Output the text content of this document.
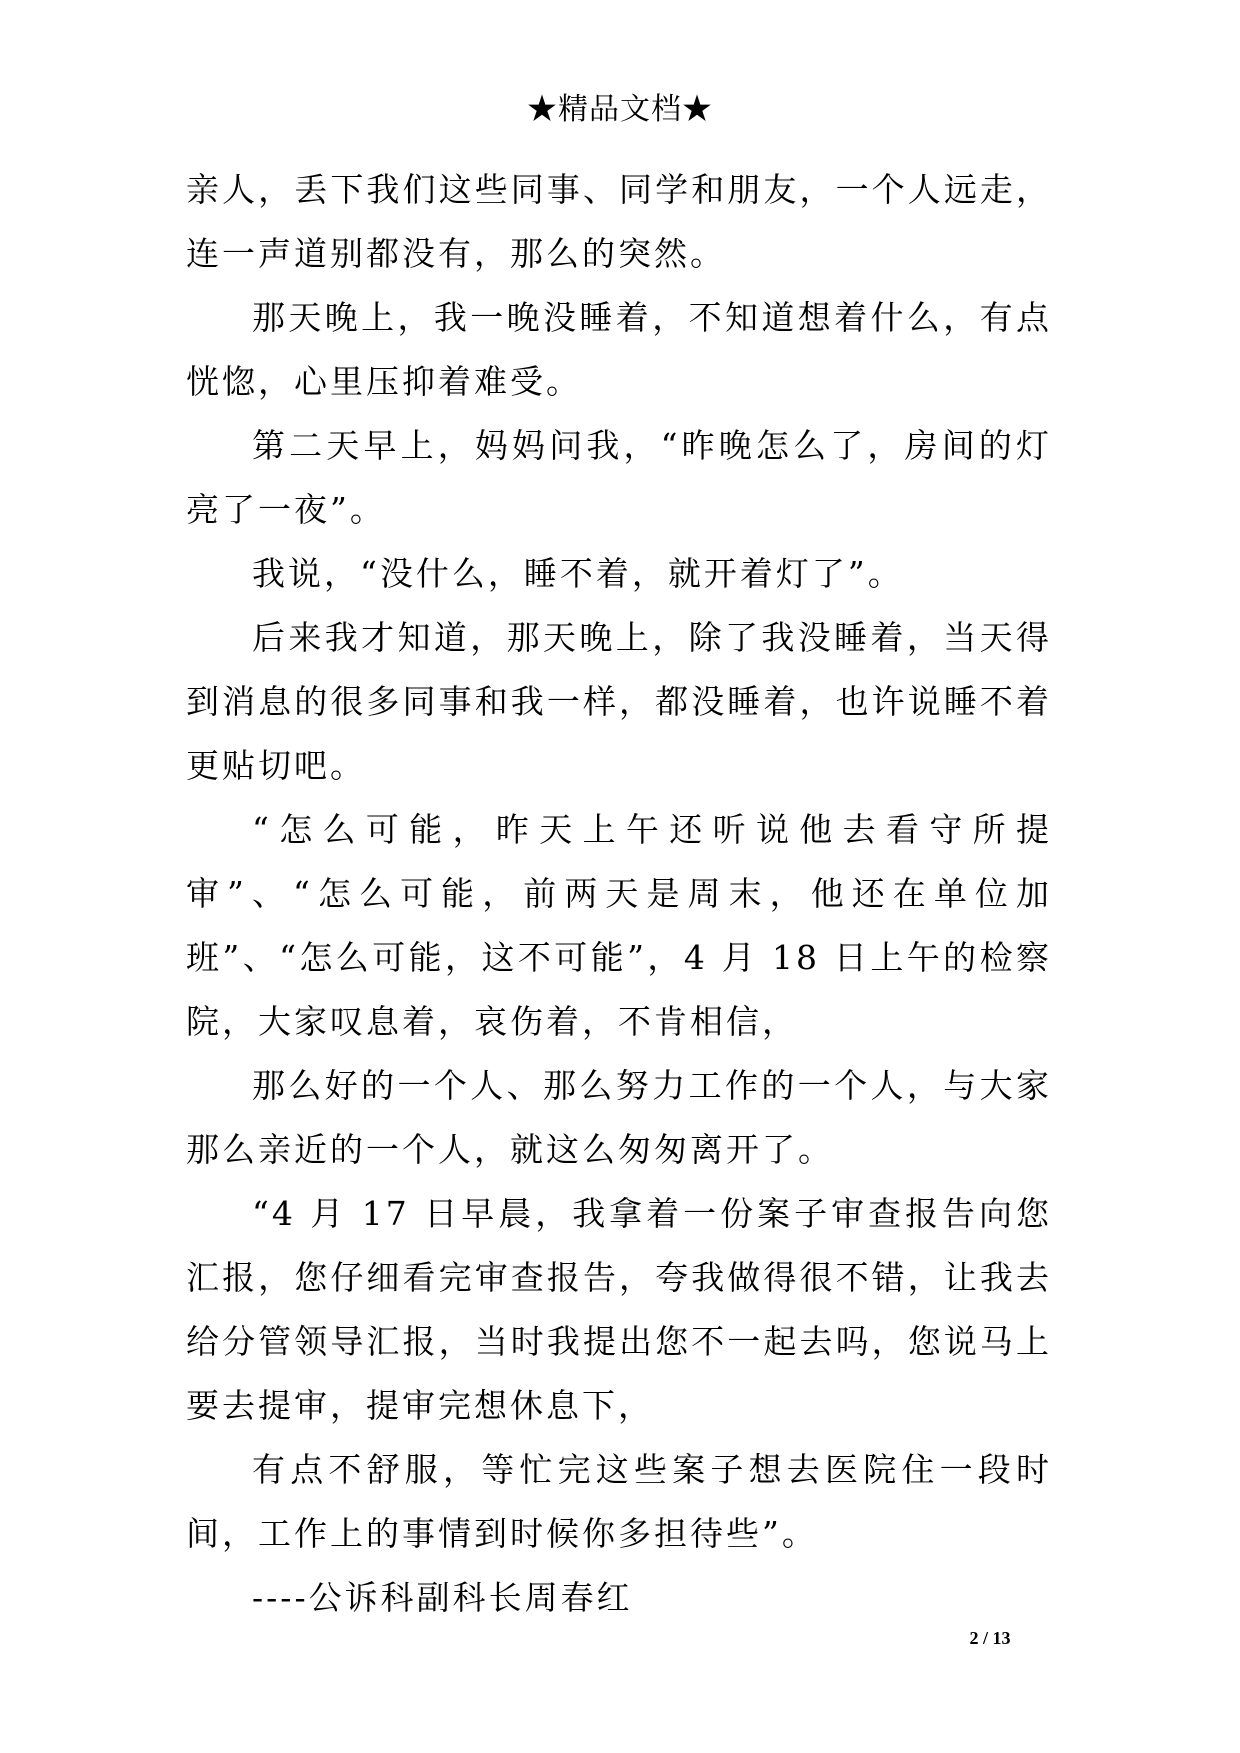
★精品文档★

亲人，丢下我们这些同事、同学和朋友，一个人远走，连一声道别都没有，那么的突然。

那天晚上，我一晚没睡着，不知道想着什么，有点恍惚，心里压抑着难受。

第二天早上，妈妈问我，“昨晚怎么了，房间的灯亮了一夜”。

我说，“没什么，睡不着，就开着灯了”。

后来我才知道，那天晚上，除了我没睡着，当天得到消息的很多同事和我一样，都没睡着，也许说睡不着更贴切吧。

“怎么可能，昨天上午还听说他去看守所提审”、“怎么可能，前两天是周末，他还在单位加班”、“怎么可能，这不可能”，4 月 18 日上午的检察院，大家叹息着，哀伤着，不肯相信，

那么好的一个人、那么努力工作的一个人，与大家那么亲近的一个人，就这么匆匆离开了。

“4 月 17 日早晨，我拿着一份案子审查报告向您汇报，您仔细看完审查报告，夸我做得很不错，让我去给分管领导汇报，当时我提出您不一起去吗，您说马上要去提审，提审完想休息下，

有点不舒服，等忙完这些案子想去医院住一段时间，工作上的事情到时候你多担待些”。

----公诉科副科长周春红

2 / 13
